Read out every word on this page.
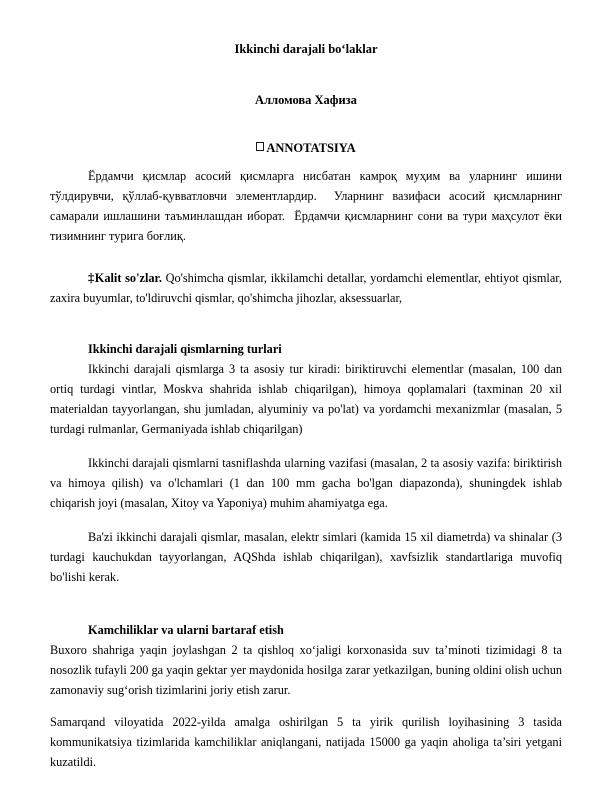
Ikkinchi darajali bo‘laklar
Алломова Хафиза
ANNOTATSIYA

Ёрдамчи қисмлар асосий қисмларга нисбатан камроқ муҳим ва уларнинг ишини тўлдирувчи, қўллаб-қувватловчи элементлардир.  Уларнинг вазифаси асосий қисмларнинг самарали ишлашини таъминлашдан иборат.  Ёрдамчи қисмларнинг сони ва тури маҳсулот ёки тизимнинг турига боғлиқ.

‡Kalit so'zlar. Qo'shimcha qismlar, ikkilamchi detallar, yordamchi elementlar, ehtiyot qismlar, zaxira buyumlar, to'ldiruvchi qismlar, qo'shimcha jihozlar, aksessuarlar,
Ikkinchi darajali qismlarning turlari

Ikkinchi darajali qismlarga 3 ta asosiy tur kiradi: biriktiruvchi elementlar (masalan, 100 dan ortiq turdagi vintlar, Moskva shahrida ishlab chiqarilgan), himoya qoplamalari (taxminan 20 xil materialdan tayyorlangan, shu jumladan, alyuminiy va po'lat) va yordamchi mexanizmlar (masalan, 5 turdagi rulmanlar, Germaniyada ishlab chiqarilgan)

Ikkinchi darajali qismlarni tasniflashda ularning vazifasi (masalan, 2 ta asosiy vazifa: biriktirish va himoya qilish) va o'lchamlari (1 dan 100 mm gacha bo'lgan diapazonda), shuningdek ishlab chiqarish joyi (masalan, Xitoy va Yaponiya) muhim ahamiyatga ega.

Ba'zi ikkinchi darajali qismlar, masalan, elektr simlari (kamida 15 xil diametrda) va shinalar (3 turdagi kauchukdan tayyorlangan, AQShda ishlab chiqarilgan), xavfsizlik standartlariga muvofiq bo'lishi kerak.

Kamchiliklar va ularni bartaraf etish

Buxoro shahriga yaqin joylashgan 2 ta qishloq xo‘jaligi korxonasida suv ta’minoti tizimidagi 8 ta nosozlik tufayli 200 ga yaqin gektar yer maydonida hosilga zarar yetkazilgan, buning oldini olish uchun zamonaviy sug‘orish tizimlarini joriy etish zarur.

Samarqand viloyatida 2022-yilda amalga oshirilgan 5 ta yirik qurilish loyihasining 3 tasida kommunikatsiya tizimlarida kamchiliklar aniqlangani, natijada 15000 ga yaqin aholiga ta’siri yetgani kuzatildi.
